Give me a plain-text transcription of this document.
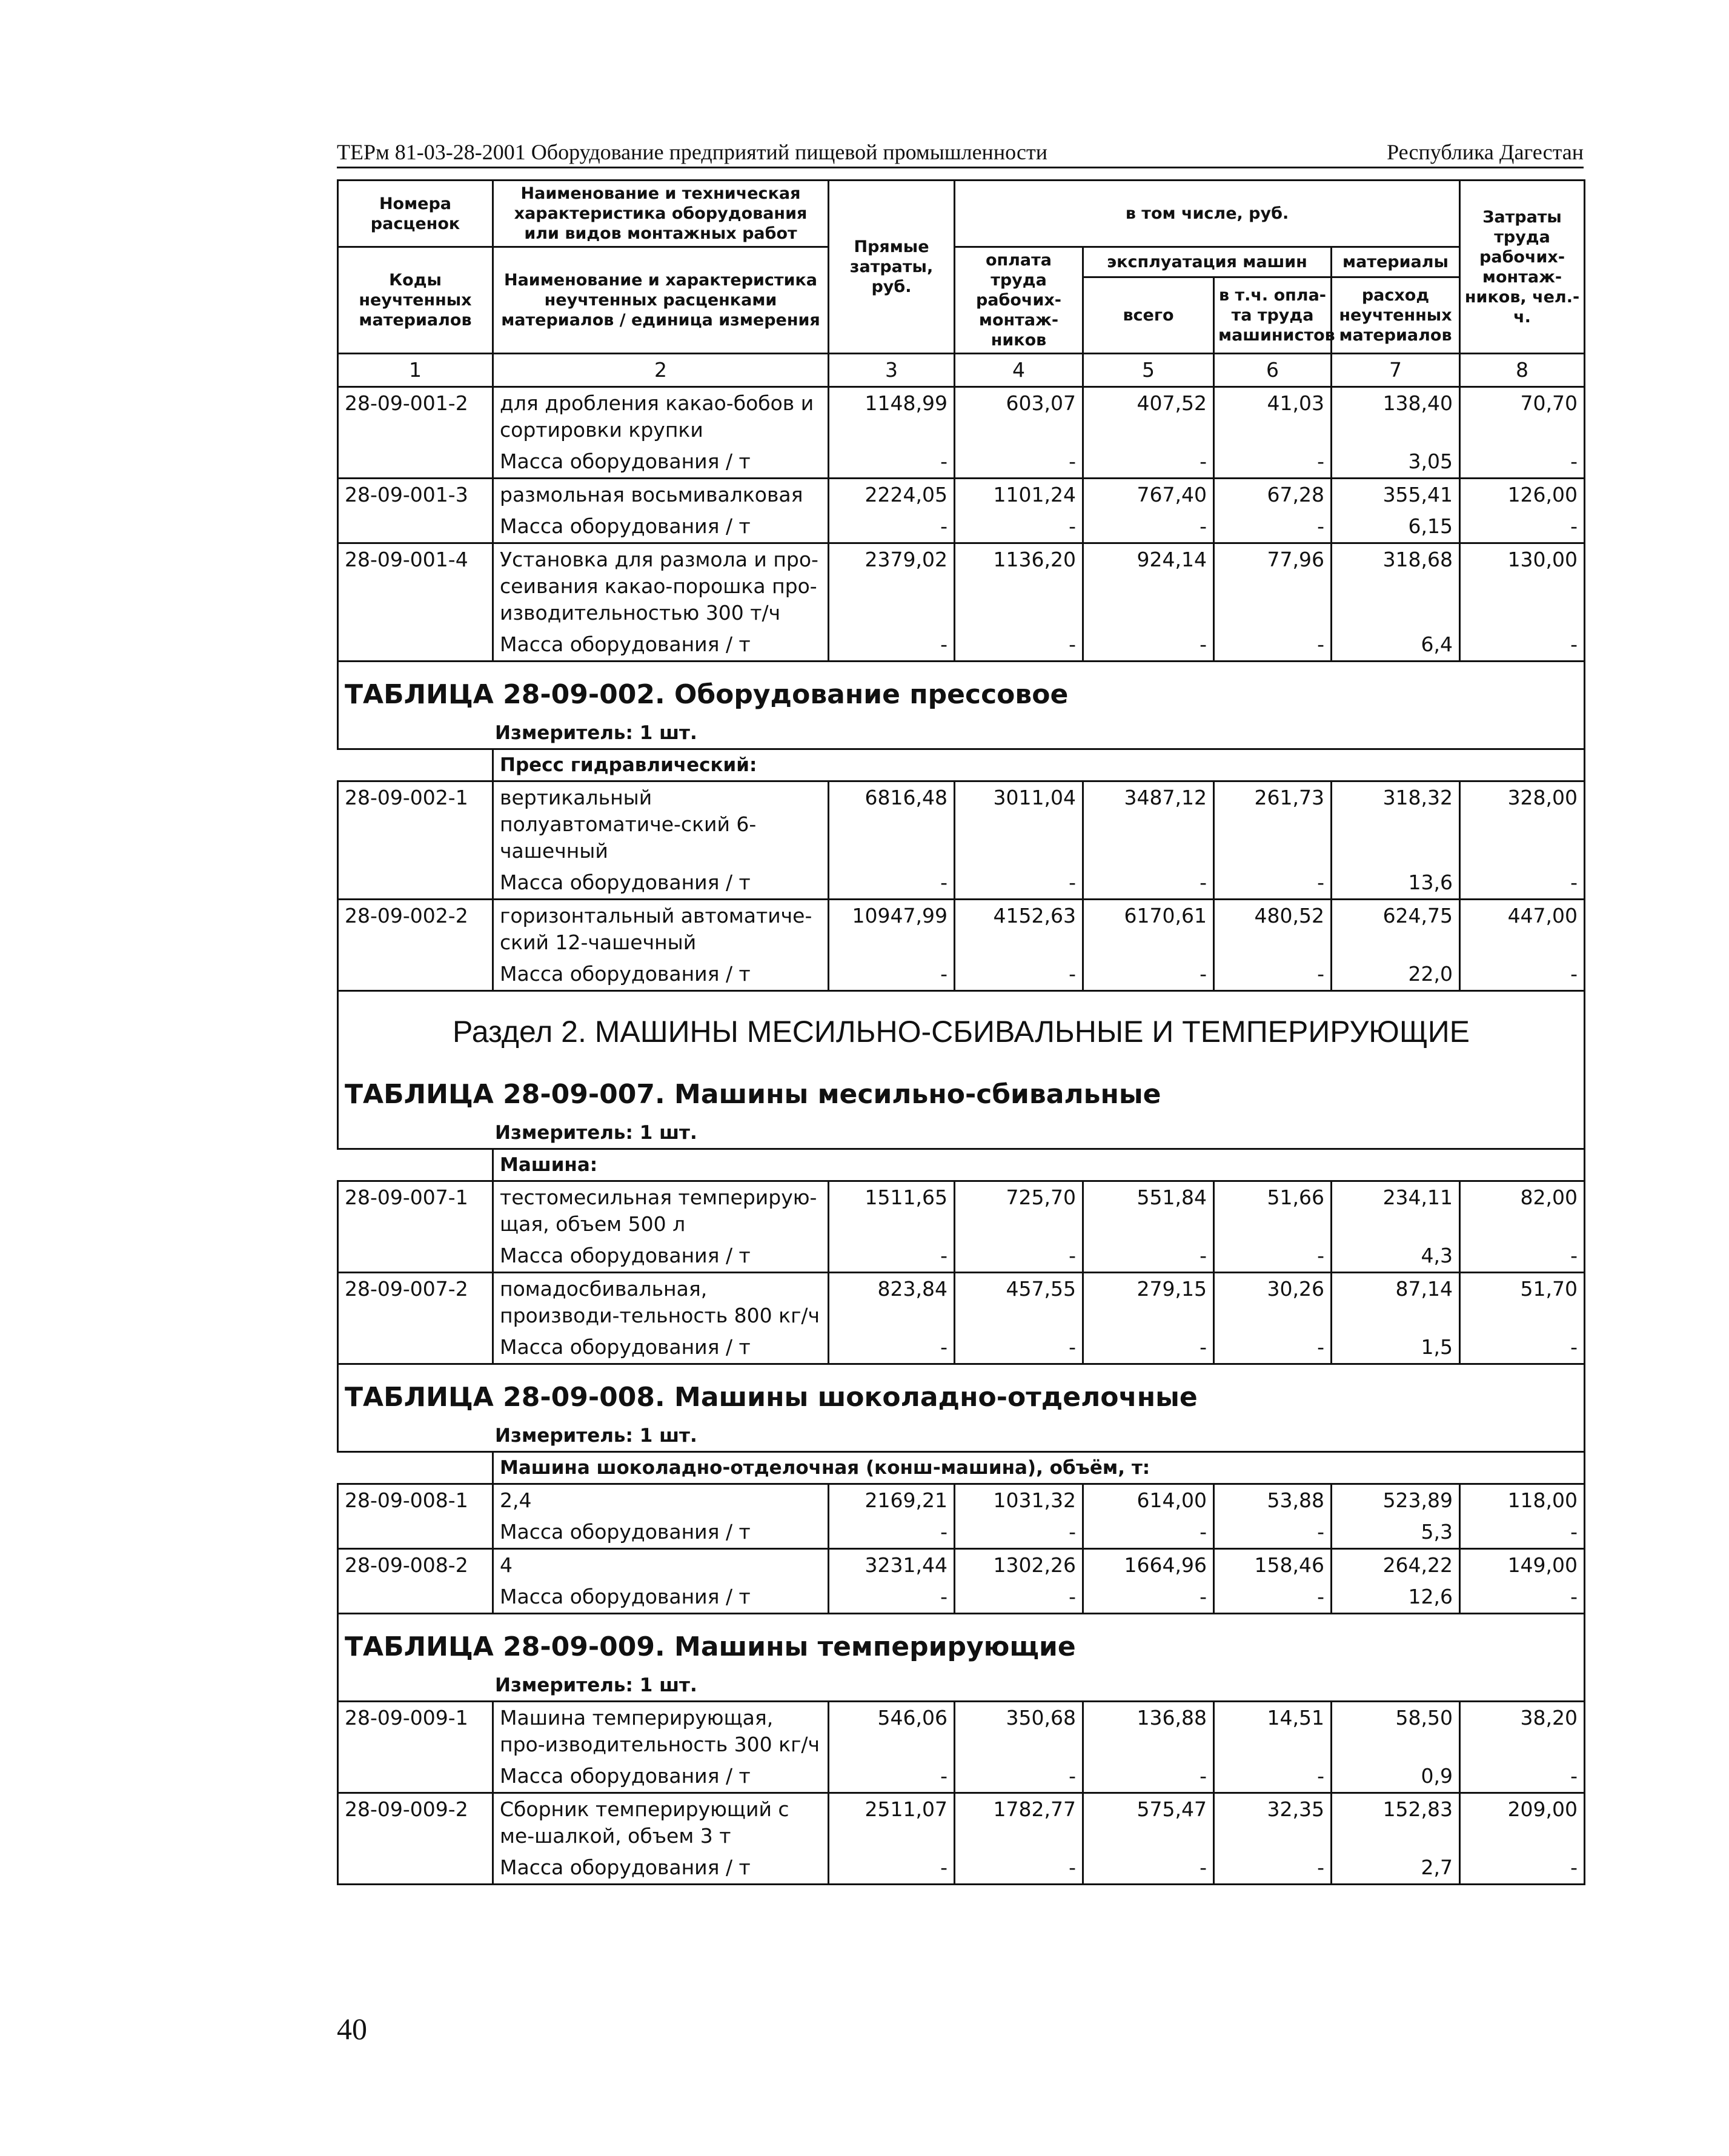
ТЕРм 81-03-28-2001 Оборудование предприятий пищевой промышленности	Республика Дагестан
Номера расценок	Наименование и техническая характеристика оборудования или видов монтажных работ	Прямые затраты, руб.	в том числе, руб.				Затраты труда рабочих-монтаж-ников, чел.-ч.
Коды неучтенных материалов	Наименование и характеристика неучтенных расценками материалов / единица измерения		оплата труда рабочих-монтаж-ников	эксплуатация машин		материалы	
				всего	в т.ч. опла-та труда машинистов	расход неучтенных материалов	
1	2	3	4	5	6	7	8
28-09-001-2	для дробления какао-бобов и сортировки крупки	1148,99	603,07	407,52	41,03	138,40	70,70
	Масса оборудования / т	-	-	-	-	3,05	-
28-09-001-3	размольная восьмивалковая	2224,05	1101,24	767,40	67,28	355,41	126,00
	Масса оборудования / т	-	-	-	-	6,15	-
28-09-001-4	Установка для размола и про-сеивания какао-порошка про-изводительностью 300 т/ч	2379,02	1136,20	924,14	77,96	318,68	130,00
	Масса оборудования / т	-	-	-	-	6,4	-
ТАБЛИЦА 28-09-002. Оборудование прессовое							
Измеритель: 1 шт.							
	Пресс гидравлический:						
28-09-002-1	вертикальный полуавтоматиче-ский 6-чашечный	6816,48	3011,04	3487,12	261,73	318,32	328,00
	Масса оборудования / т	-	-	-	-	13,6	-
28-09-002-2	горизонтальный автоматиче-ский 12-чашечный	10947,99	4152,63	6170,61	480,52	624,75	447,00
	Масса оборудования / т	-	-	-	-	22,0	-
Раздел 2. МАШИНЫ МЕСИЛЬНО-СБИВАЛЬНЫЕ И ТЕМПЕРИРУЮЩИЕ							
ТАБЛИЦА 28-09-007. Машины месильно-сбивальные							
Измеритель: 1 шт.							
	Машина:						
28-09-007-1	тестомесильная темперирую-щая, объем 500 л	1511,65	725,70	551,84	51,66	234,11	82,00
	Масса оборудования / т	-	-	-	-	4,3	-
28-09-007-2	помадосбивальная, производи-тельность 800 кг/ч	823,84	457,55	279,15	30,26	87,14	51,70
	Масса оборудования / т	-	-	-	-	1,5	-
ТАБЛИЦА 28-09-008. Машины шоколадно-отделочные							
Измеритель: 1 шт.							
	Машина шоколадно-отделочная (конш-машина), объём, т:						
28-09-008-1	2,4	2169,21	1031,32	614,00	53,88	523,89	118,00
	Масса оборудования / т	-	-	-	-	5,3	-
28-09-008-2	4	3231,44	1302,26	1664,96	158,46	264,22	149,00
	Масса оборудования / т	-	-	-	-	12,6	-
ТАБЛИЦА 28-09-009. Машины темперирующие							
Измеритель: 1 шт.							
28-09-009-1	Машина темперирующая, про-изводительность 300 кг/ч	546,06	350,68	136,88	14,51	58,50	38,20
	Масса оборудования / т	-	-	-	-	0,9	-
28-09-009-2	Сборник темперирующий с ме-шалкой, объем 3 т	2511,07	1782,77	575,47	32,35	152,83	209,00
	Масса оборудования / т	-	-	-	-	2,7	-
40
